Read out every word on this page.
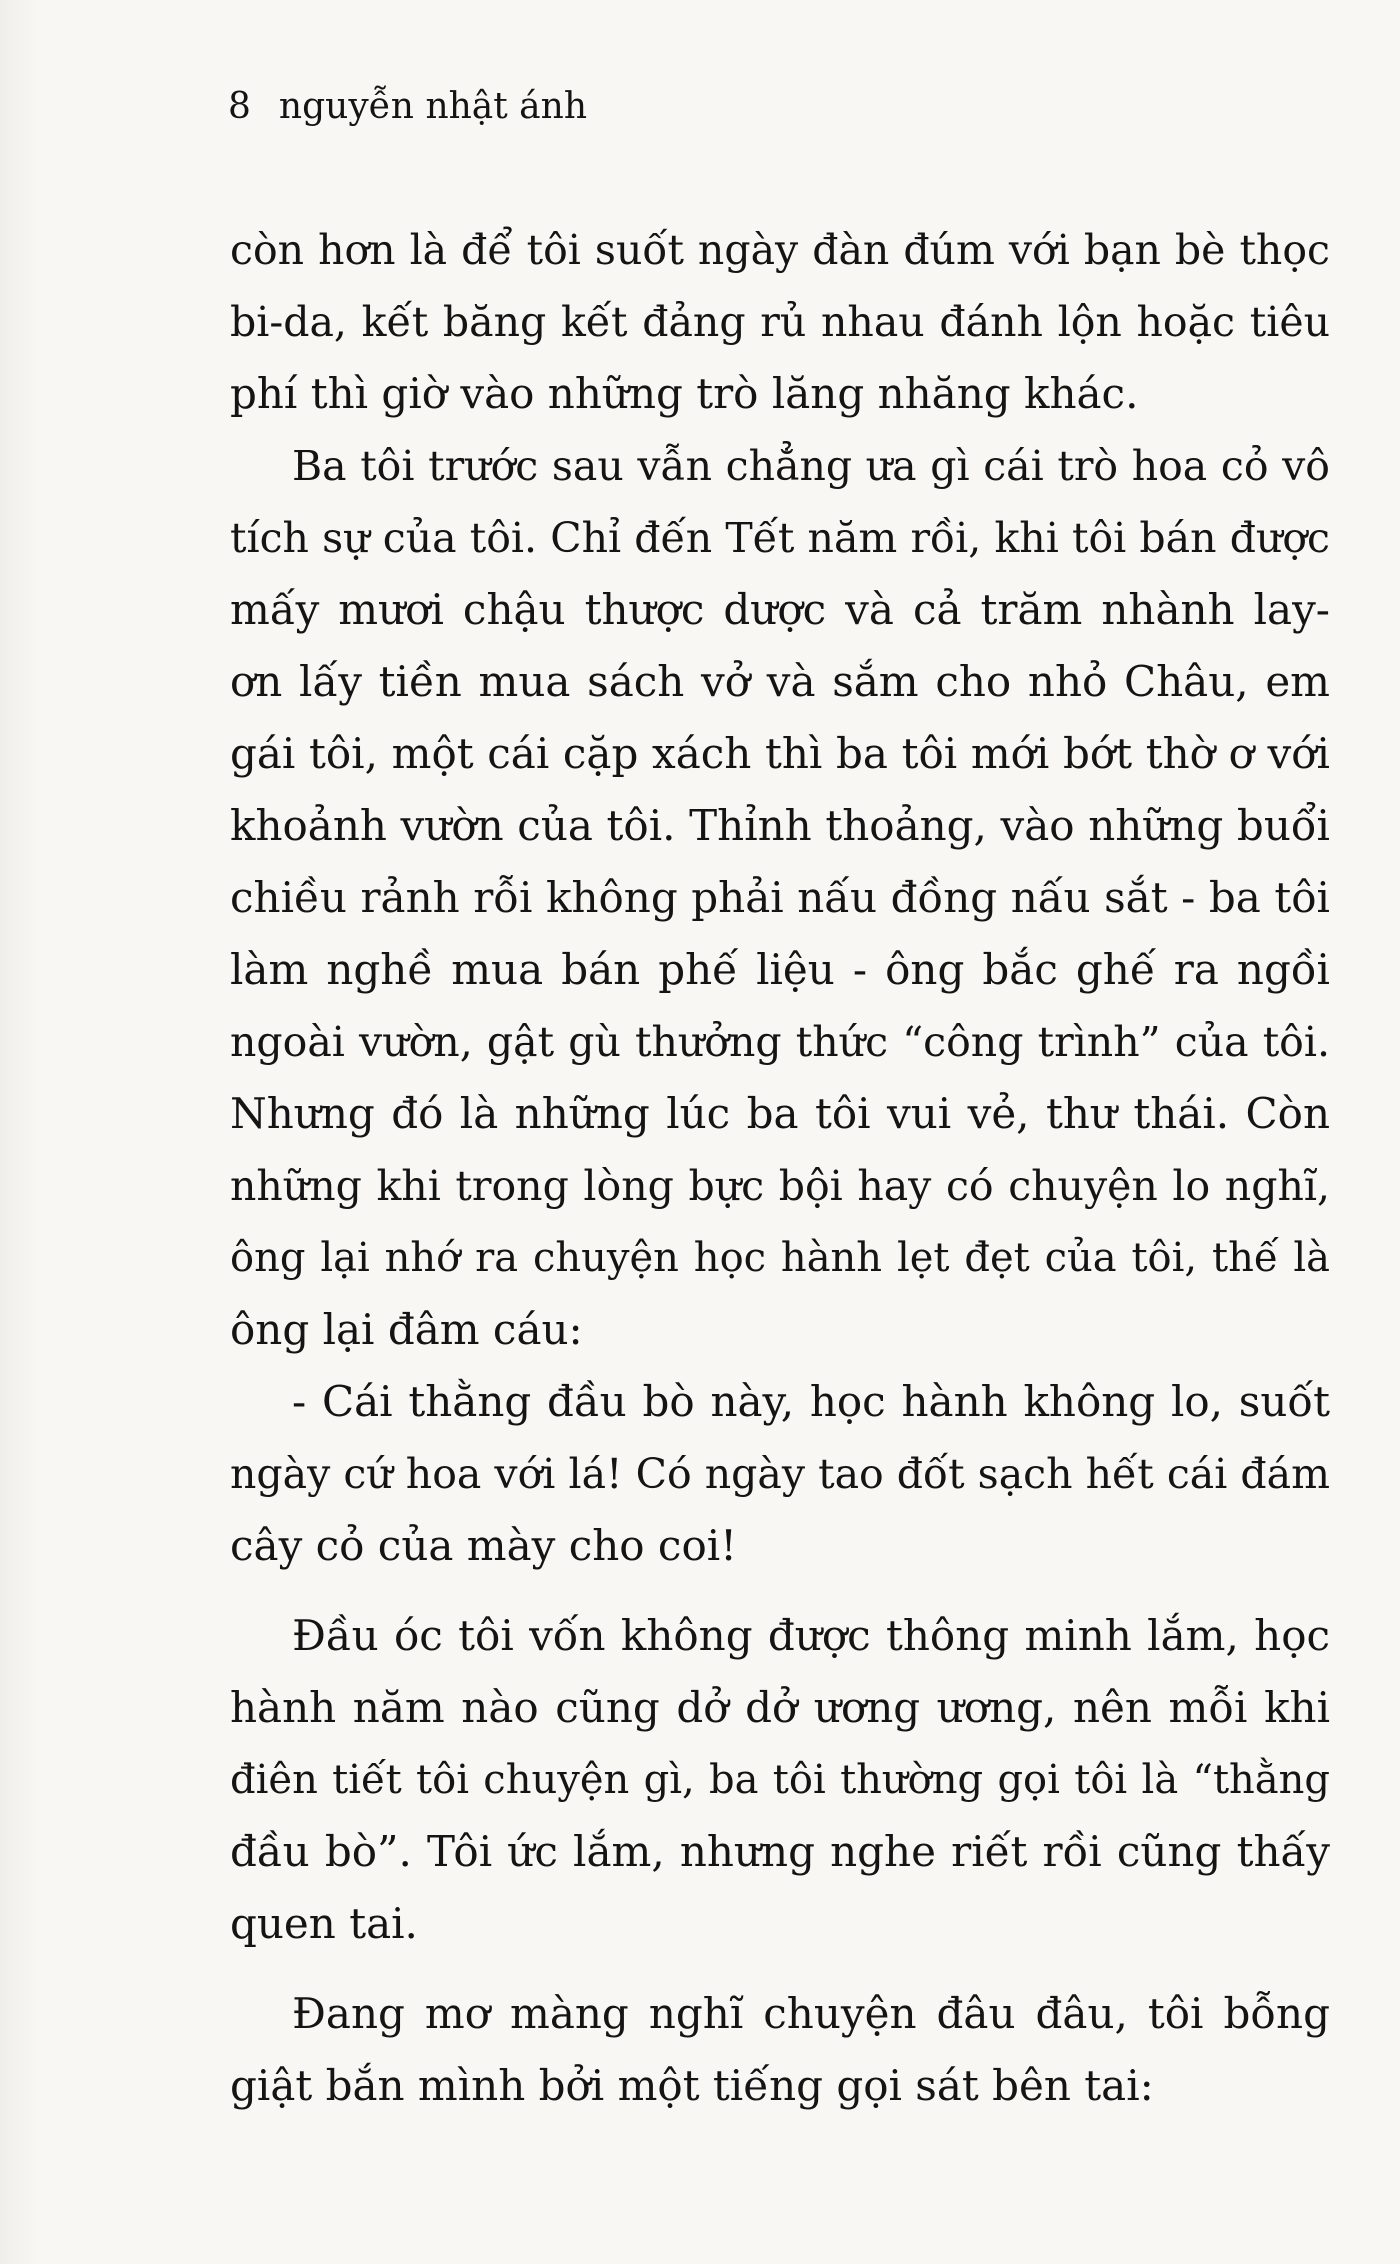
8 nguyễn nhật ánh
còn hơn là để tôi suốt ngày đàn đúm với bạn bè thọc
bi-da, kết băng kết đảng rủ nhau đánh lộn hoặc tiêu
phí thì giờ vào những trò lăng nhăng khác.
Ba tôi trước sau vẫn chẳng ưa gì cái trò hoa cỏ vô
tích sự của tôi. Chỉ đến Tết năm rồi, khi tôi bán được
mấy mươi chậu thược dược và cả trăm nhành lay-
ơn lấy tiền mua sách vở và sắm cho nhỏ Châu, em
gái tôi, một cái cặp xách thì ba tôi mới bớt thờ ơ với
khoảnh vườn của tôi. Thỉnh thoảng, vào những buổi
chiều rảnh rỗi không phải nấu đồng nấu sắt - ba tôi
làm nghề mua bán phế liệu - ông bắc ghế ra ngồi
ngoài vườn, gật gù thưởng thức “công trình” của tôi.
Nhưng đó là những lúc ba tôi vui vẻ, thư thái. Còn
những khi trong lòng bực bội hay có chuyện lo nghĩ,
ông lại nhớ ra chuyện học hành lẹt đẹt của tôi, thế là
ông lại đâm cáu:
- Cái thằng đầu bò này, học hành không lo, suốt
ngày cứ hoa với lá! Có ngày tao đốt sạch hết cái đám
cây cỏ của mày cho coi!
Đầu óc tôi vốn không được thông minh lắm, học
hành năm nào cũng dở dở ương ương, nên mỗi khi
điên tiết tôi chuyện gì, ba tôi thường gọi tôi là “thằng
đầu bò”. Tôi ức lắm, nhưng nghe riết rồi cũng thấy
quen tai.
Đang mơ màng nghĩ chuyện đâu đâu, tôi bỗng
giật bắn mình bởi một tiếng gọi sát bên tai:
